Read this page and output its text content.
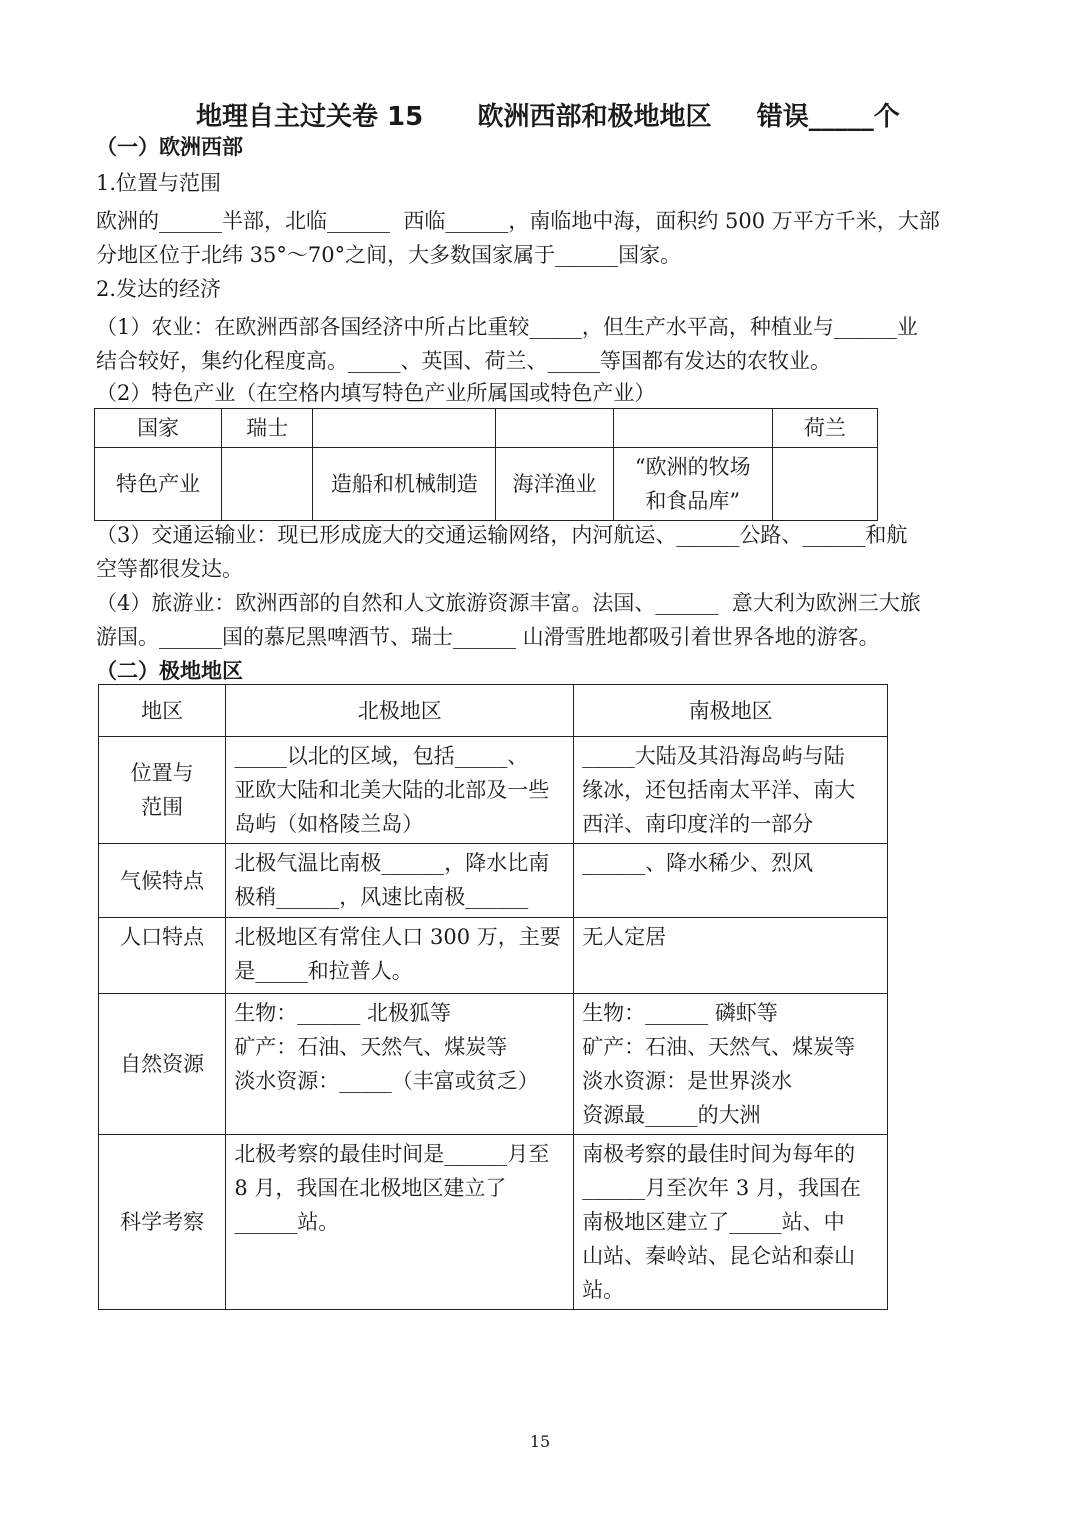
地理自主过关卷 15      欧洲西部和极地地区     错误_____个
（一）欧洲西部
1.位置与范围
欧洲的______半部，北临______  西临______，南临地中海，面积约 500 万平方千米，大部
分地区位于北纬 35°～70°之间，大多数国家属于______国家。
2.发达的经济
（1）农业：在欧洲西部各国经济中所占比重较_____，但生产水平高，种植业与______业
结合较好，集约化程度高。_____、英国、荷兰、_____等国都有发达的农牧业。
（2）特色产业（在空格内填写特色产业所属国或特色产业）
国家	瑞士				荷兰
特色产业		造船和机械制造	海洋渔业	“欧洲的牧场
和食品库”	
（3）交通运输业：现已形成庞大的交通运输网络，内河航运、______公路、______和航
空等都很发达。
（4）旅游业：欧洲西部的自然和人文旅游资源丰富。法国、______  意大利为欧洲三大旅
游国。______国的慕尼黑啤酒节、瑞士______ 山滑雪胜地都吸引着世界各地的游客。
（二）极地地区
地区	北极地区	南极地区
位置与
范围	_____以北的区域，包括_____、
亚欧大陆和北美大陆的北部及一些
岛屿（如格陵兰岛）	_____大陆及其沿海岛屿与陆
缘冰，还包括南太平洋、南大
西洋、南印度洋的一部分
气候特点	北极气温比南极______，降水比南
极稍______，风速比南极______	______、降水稀少、烈风
人口特点	北极地区有常住人口 300 万，主要
是_____和拉普人。	无人定居
自然资源	生物：______ 北极狐等
矿产：石油、天然气、煤炭等
淡水资源：_____（丰富或贫乏）	生物：______ 磷虾等
矿产：石油、天然气、煤炭等
淡水资源：是世界淡水
资源最_____的大洲
科学考察	北极考察的最佳时间是______月至
8 月，我国在北极地区建立了
______站。	南极考察的最佳时间为每年的
______月至次年 3 月，我国在
南极地区建立了_____站、中
山站、秦岭站、昆仑站和泰山站。
15
